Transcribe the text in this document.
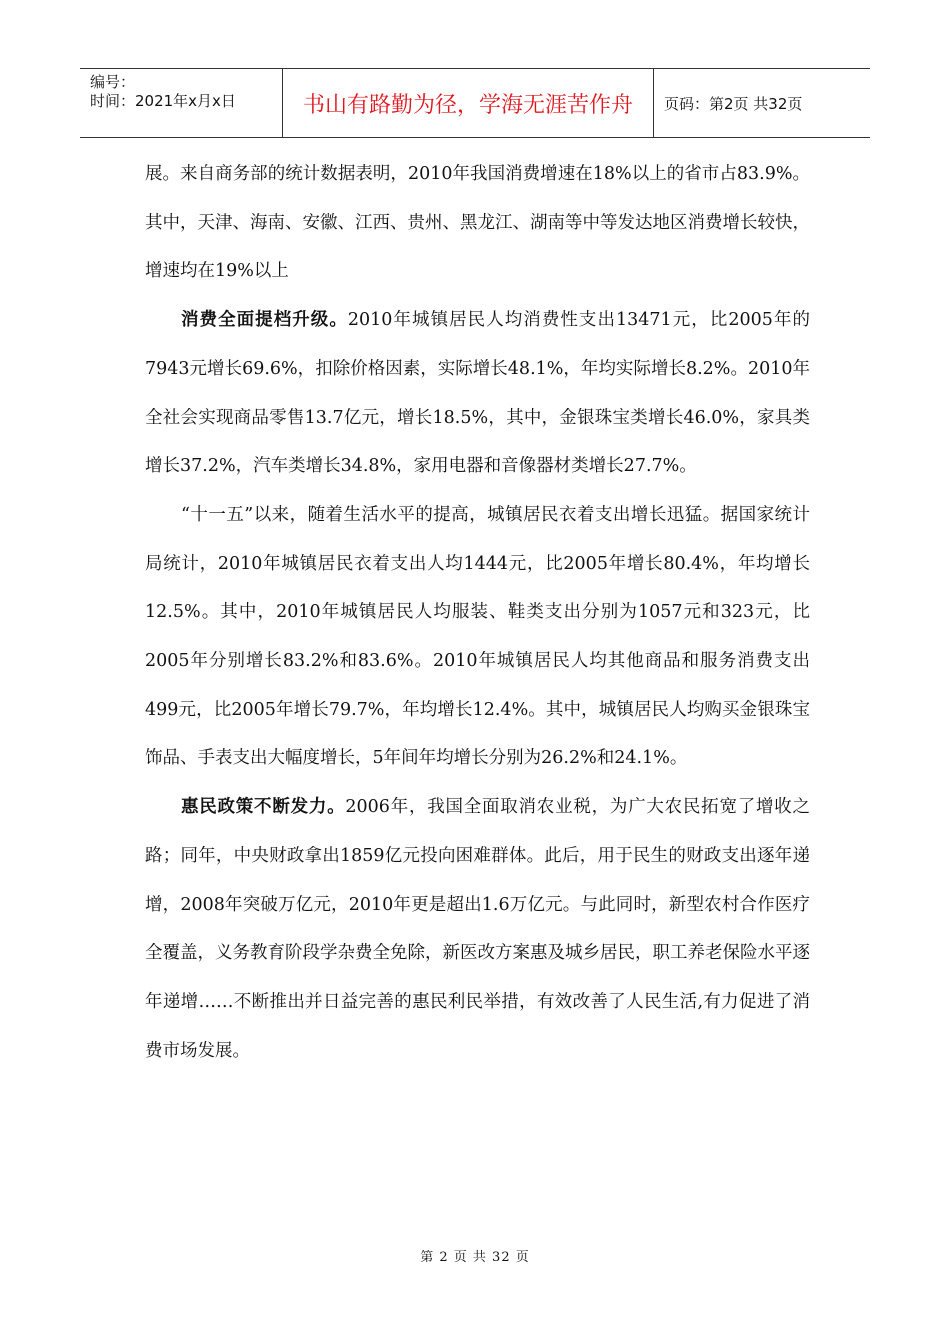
编号：
时间：2021年x月x日	书山有路勤为径，学海无涯苦作舟	页码：第2页 共32页

展。来自商务部的统计数据表明，2010年我国消费增速在18%以上的省市占83.9%。其中，天津、海南、安徽、江西、贵州、黑龙江、湖南等中等发达地区消费增长较快，增速均在19%以上

消费全面提档升级。2010年城镇居民人均消费性支出13471元，比2005年的7943元增长69.6%，扣除价格因素，实际增长48.1%，年均实际增长8.2%。2010年全社会实现商品零售13.7亿元，增长18.5%，其中，金银珠宝类增长46.0%，家具类增长37.2%，汽车类增长34.8%，家用电器和音像器材类增长27.7%。

“十一五”以来，随着生活水平的提高，城镇居民衣着支出增长迅猛。据国家统计局统计，2010年城镇居民衣着支出人均1444元，比2005年增长80.4%，年均增长12.5%。其中，2010年城镇居民人均服装、鞋类支出分别为1057元和323元，比2005年分别增长83.2%和83.6%。2010年城镇居民人均其他商品和服务消费支出499元，比2005年增长79.7%，年均增长12.4%。其中，城镇居民人均购买金银珠宝饰品、手表支出大幅度增长，5年间年均增长分别为26.2%和24.1%。

惠民政策不断发力。2006年，我国全面取消农业税，为广大农民拓宽了增收之路；同年，中央财政拿出1859亿元投向困难群体。此后，用于民生的财政支出逐年递增，2008年突破万亿元，2010年更是超出1.6万亿元。与此同时，新型农村合作医疗全覆盖，义务教育阶段学杂费全免除，新医改方案惠及城乡居民，职工养老保险水平逐年递增……不断推出并日益完善的惠民利民举措，有效改善了人民生活,有力促进了消费市场发展。

第 2 页 共 32 页
